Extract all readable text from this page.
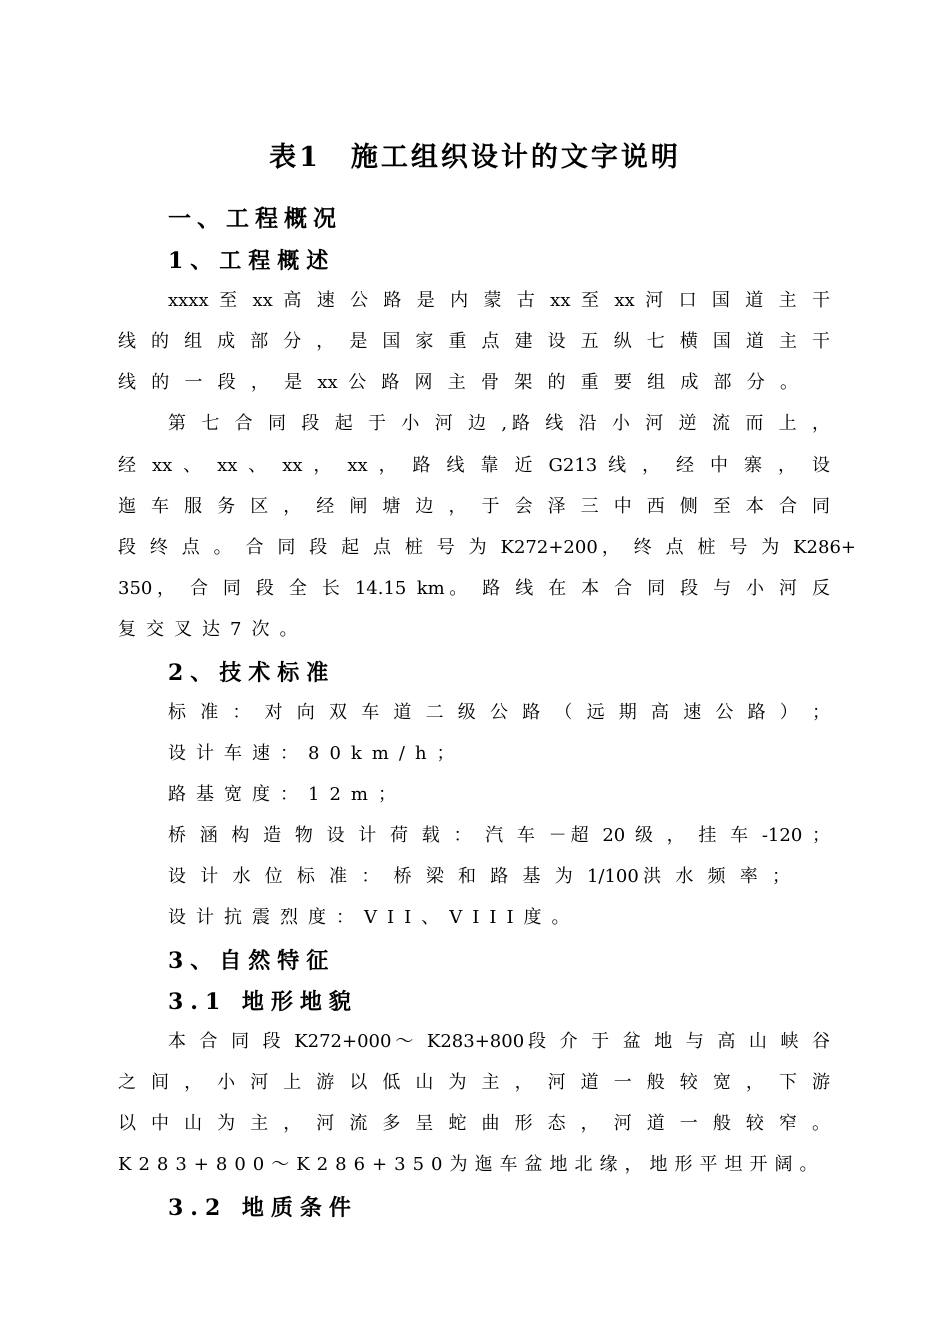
表1　施工组织设计的文字说明
一、工程概况
1、工程概述
xxxx 至 xx 高 速 公 路 是 内 蒙 古 xx 至 xx 河 口 国 道 主 干
线 的 组 成 部 分 ， 是 国 家 重 点 建 设 五 纵 七 横 国 道 主 干
线 的 一 段 ， 是 xx 公 路 网 主 骨 架 的 重 要 组 成 部 分 。
第 七 合 同 段 起 于 小 河 边 ,路 线 沿 小 河 逆 流 而 上 ，
经 xx 、 xx 、 xx ， xx ， 路 线 靠 近 G213 线 ， 经 中 寨 ， 设
迤 车 服 务 区 ， 经 闸 塘 边 ， 于 会 泽 三 中 西 侧 至 本 合 同
段 终 点 。 合 同 段 起 点 桩 号 为 K272+200， 终 点 桩 号 为 K286+
350， 合 同 段 全 长 14.15 km。 路 线 在 本 合 同 段 与 小 河 反
复交叉达7次。
2、技术标准
标 准 ： 对 向 双 车 道 二 级 公 路 （ 远 期 高 速 公 路 ） ；
设计车速：80km/h；
路基宽度：12m；
桥 涵 构 造 物 设 计 荷 载 ： 汽 车 －超 20 级 ， 挂 车 -120 ；
设 计 水 位 标 准 ： 桥 梁 和 路 基 为 1/100洪 水 频 率 ；
设计抗震烈度：VII、VIII度。
3、自然特征
3.1 地形地貌
本 合 同 段 K272+000～ K283+800段 介 于 盆 地 与 高 山 峡 谷
之 间 ， 小 河 上 游 以 低 山 为 主 ， 河 道 一 般 较 宽 ， 下 游
以 中 山 为 主 ， 河 流 多 呈 蛇 曲 形 态 ， 河 道 一 般 较 窄 。
K283+800～K286+350为迤车盆地北缘，地形平坦开阔。
3.2 地质条件
